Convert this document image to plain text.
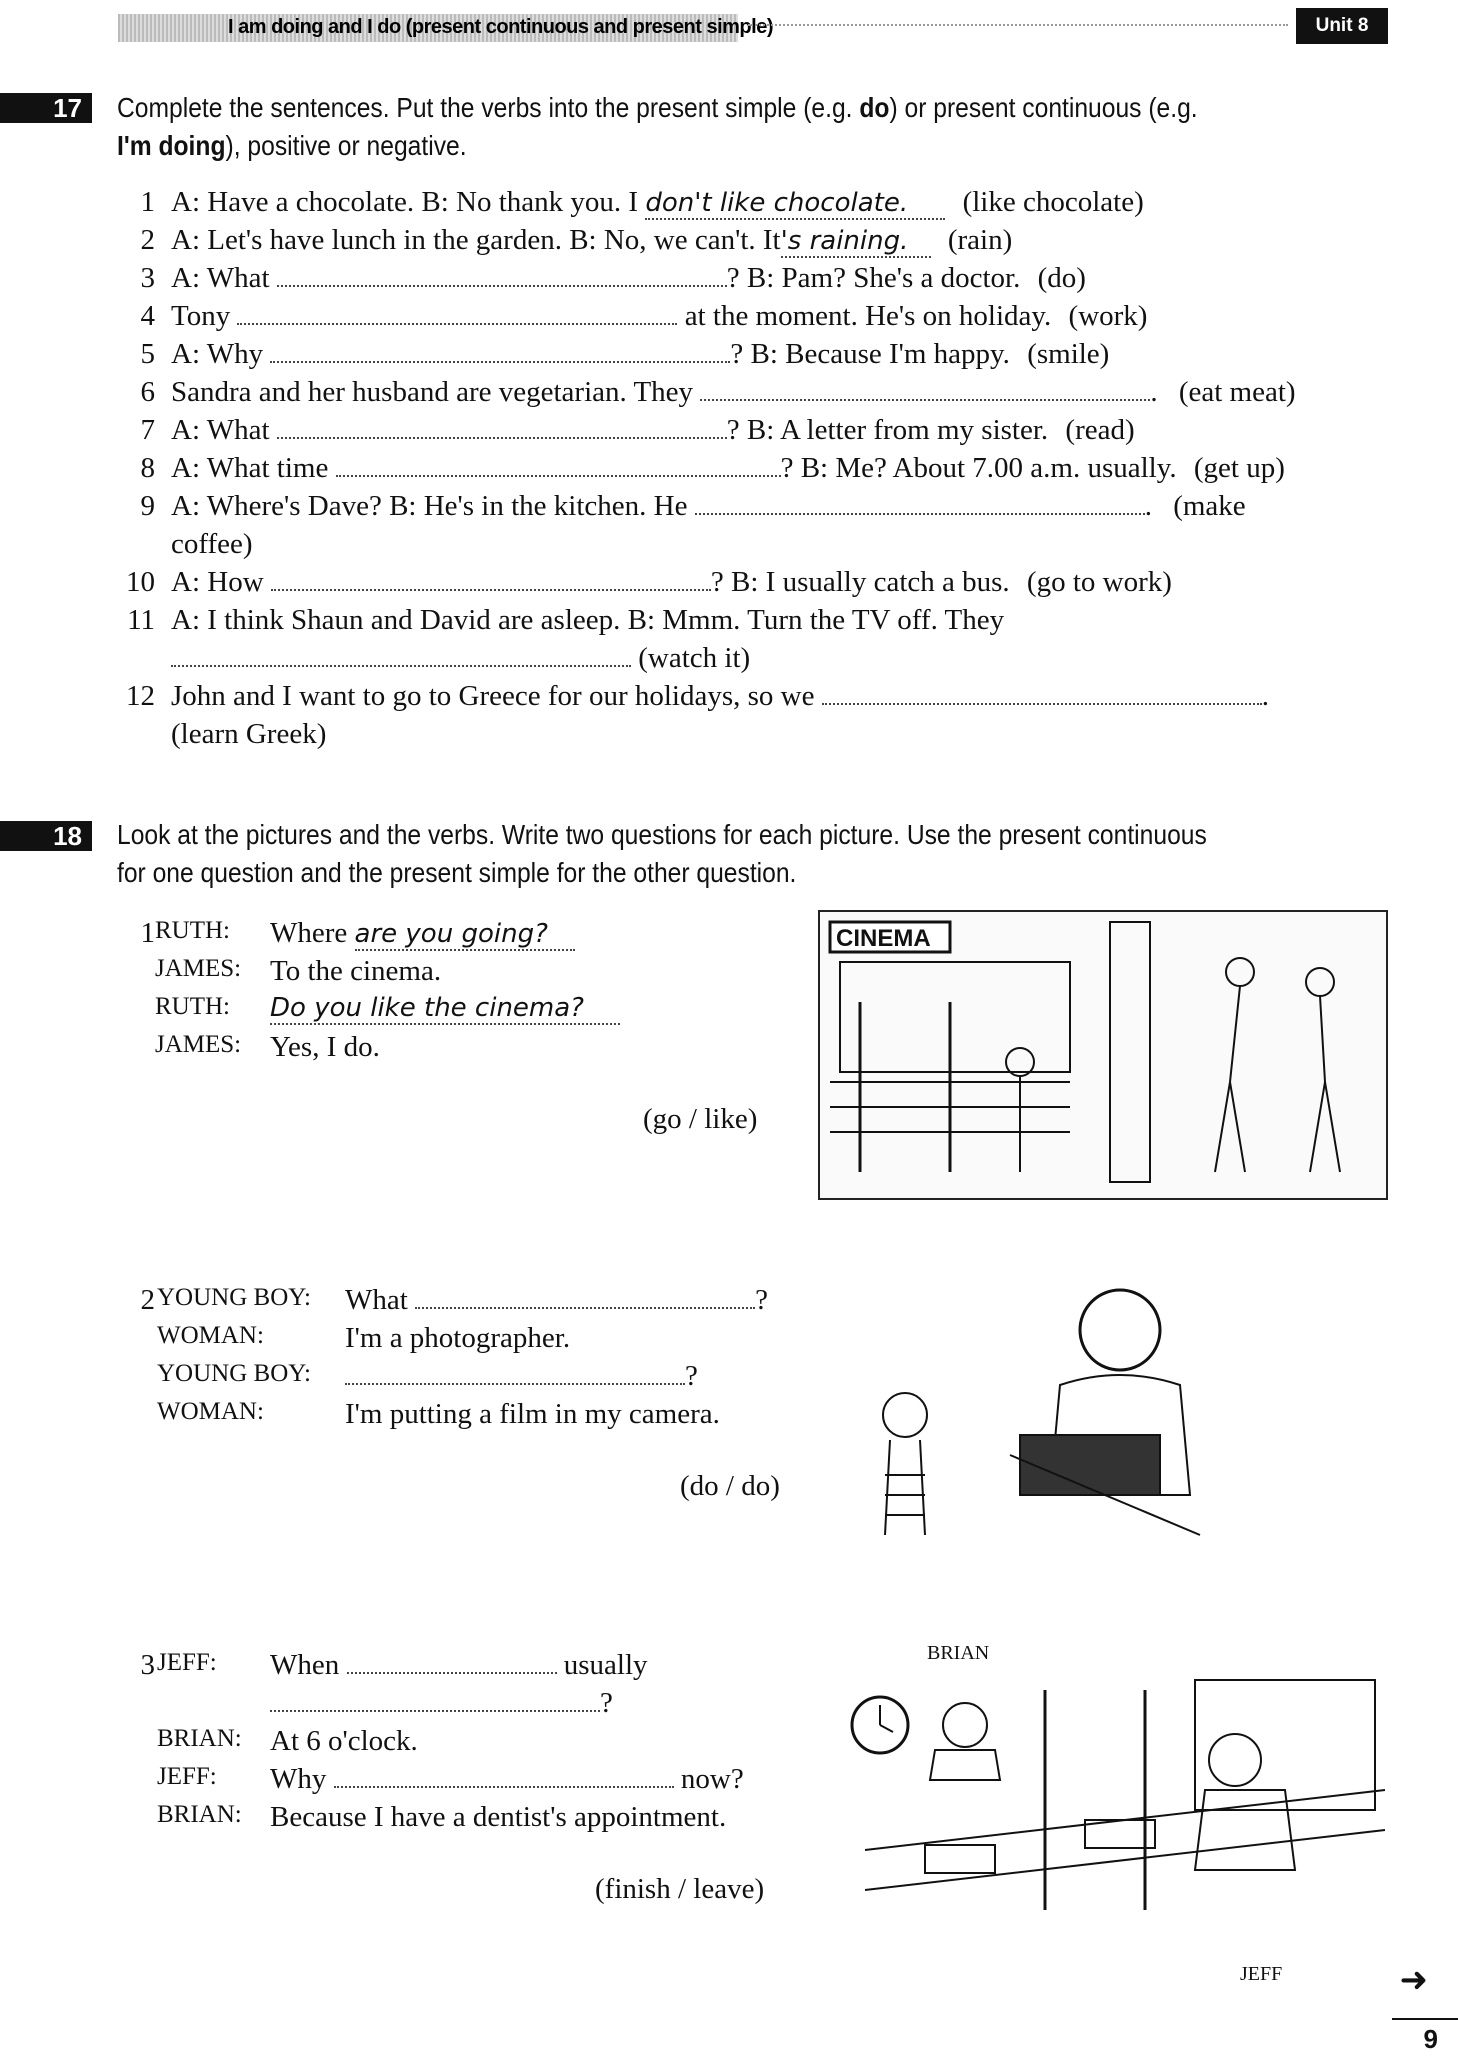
I am doing and I do (present continuous and present simple)	Unit 8
17	Complete the sentences. Put the verbs into the present simple (e.g. do) or present continuous (e.g.
I'm doing), positive or negative.
1 A: Have a chocolate. B: No thank you. I don't like chocolate. (like chocolate)
2 A: Let's have lunch in the garden. B: No, we can't. It's raining. (rain)
3 A: What	? B: Pam? She's a doctor. (do)
4 Tony	at the moment. He's on holiday. (work)
5 A: Why	? B: Because I'm happy. (smile)
6 Sandra and her husband are vegetarian. They	. (eat meat)
7 A: What	? B: A letter from my sister. (read)
8 A: What time	? B: Me? About 7.00 a.m. usually. (get up)
9 A: Where's Dave? B: He's in the kitchen. He	. (make
coffee)
10 A: How	? B: I usually catch a bus. (go to work)
11 A: I think Shaun and David are asleep. B: Mmm. Turn the TV off. They
(watch it)
12 John and I want to go to Greece for our holidays, so we	.
(learn Greek)
18	Look at the pictures and the verbs. Write two questions for each picture. Use the present continuous
for one question and the present simple for the other question.
1 RUTH: Where are you going?
JAMES: To the cinema.
RUTH: Do you like the cinema?
JAMES: Yes, I do.
(go / like)
CINEMA
2 YOUNG BOY: What	?
WOMAN:	I'm a photographer.
YOUNG BOY:	?
WOMAN:	I'm putting a film in my camera.
(do / do)
3 JEFF: When	usually
?
BRIAN: At 6 o'clock.
JEFF: Why	now?
BRIAN: Because I have a dentist's appointment.
(finish / leave)
BRIAN
JEFF	➜
9
